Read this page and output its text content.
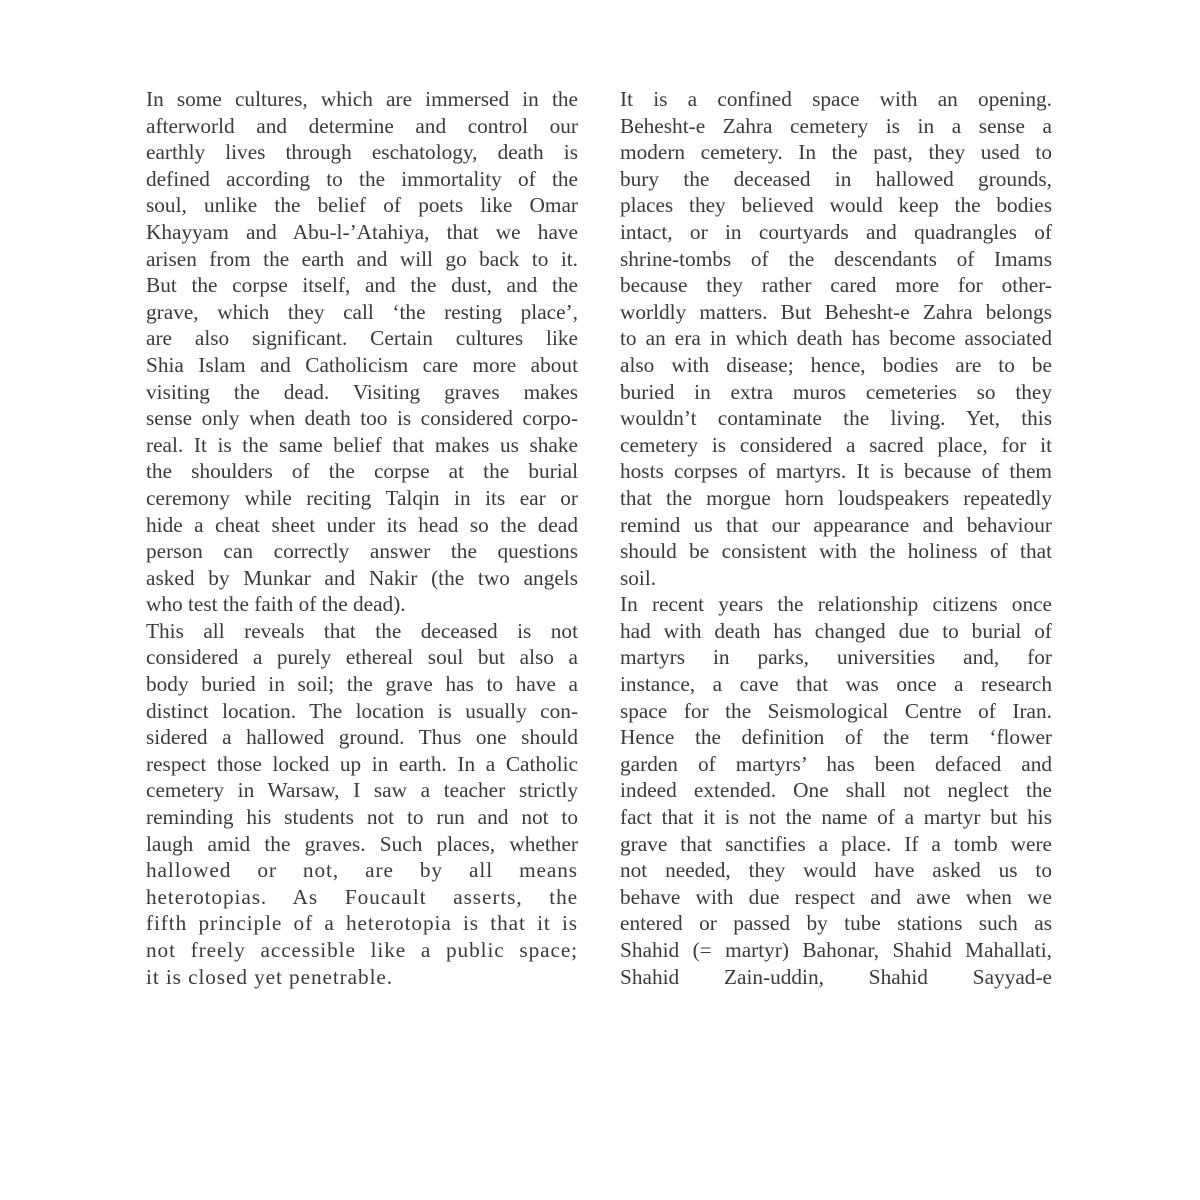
In some cultures, which are immersed in the
afterworld and determine and control our
earthly lives through eschatology, death is
defined according to the immortality of the
soul, unlike the belief of poets like Omar
Khayyam and Abu-l-’Atahiya, that we have
arisen from the earth and will go back to it.
But the corpse itself, and the dust, and the
grave, which they call ‘the resting place’,
are also significant. Certain cultures like
Shia Islam and Catholicism care more about
visiting the dead. Visiting graves makes
sense only when death too is considered corpo-
real. It is the same belief that makes us shake
the shoulders of the corpse at the burial
ceremony while reciting Talqin in its ear or
hide a cheat sheet under its head so the dead
person can correctly answer the questions
asked by Munkar and Nakir (the two angels
who test the faith of the dead).
This all reveals that the deceased is not
considered a purely ethereal soul but also a
body buried in soil; the grave has to have a
distinct location. The location is usually con-
sidered a hallowed ground. Thus one should
respect those locked up in earth. In a Catholic
cemetery in Warsaw, I saw a teacher strictly
reminding his students not to run and not to
laugh amid the graves. Such places, whether
hallowed or not, are by all means
heterotopias. As Foucault asserts, the
fifth principle of a heterotopia is that it is
not freely accessible like a public space;
it is closed yet penetrable.
It is a confined space with an opening.
Behesht-e Zahra cemetery is in a sense a
modern cemetery. In the past, they used to
bury the deceased in hallowed grounds,
places they believed would keep the bodies
intact, or in courtyards and quadrangles of
shrine-tombs of the descendants of Imams
because they rather cared more for other-
worldly matters. But Behesht-e Zahra belongs
to an era in which death has become associated
also with disease; hence, bodies are to be
buried in extra muros cemeteries so they
wouldn’t contaminate the living. Yet, this
cemetery is considered a sacred place, for it
hosts corpses of martyrs. It is because of them
that the morgue horn loudspeakers repeatedly
remind us that our appearance and behaviour
should be consistent with the holiness of that
soil.
In recent years the relationship citizens once
had with death has changed due to burial of
martyrs in parks, universities and, for
instance, a cave that was once a research
space for the Seismological Centre of Iran.
Hence the definition of the term ‘flower
garden of martyrs’ has been defaced and
indeed extended. One shall not neglect the
fact that it is not the name of a martyr but his
grave that sanctifies a place. If a tomb were
not needed, they would have asked us to
behave with due respect and awe when we
entered or passed by tube stations such as
Shahid (= martyr) Bahonar, Shahid Mahallati,
Shahid Zain-uddin, Shahid Sayyad-e
